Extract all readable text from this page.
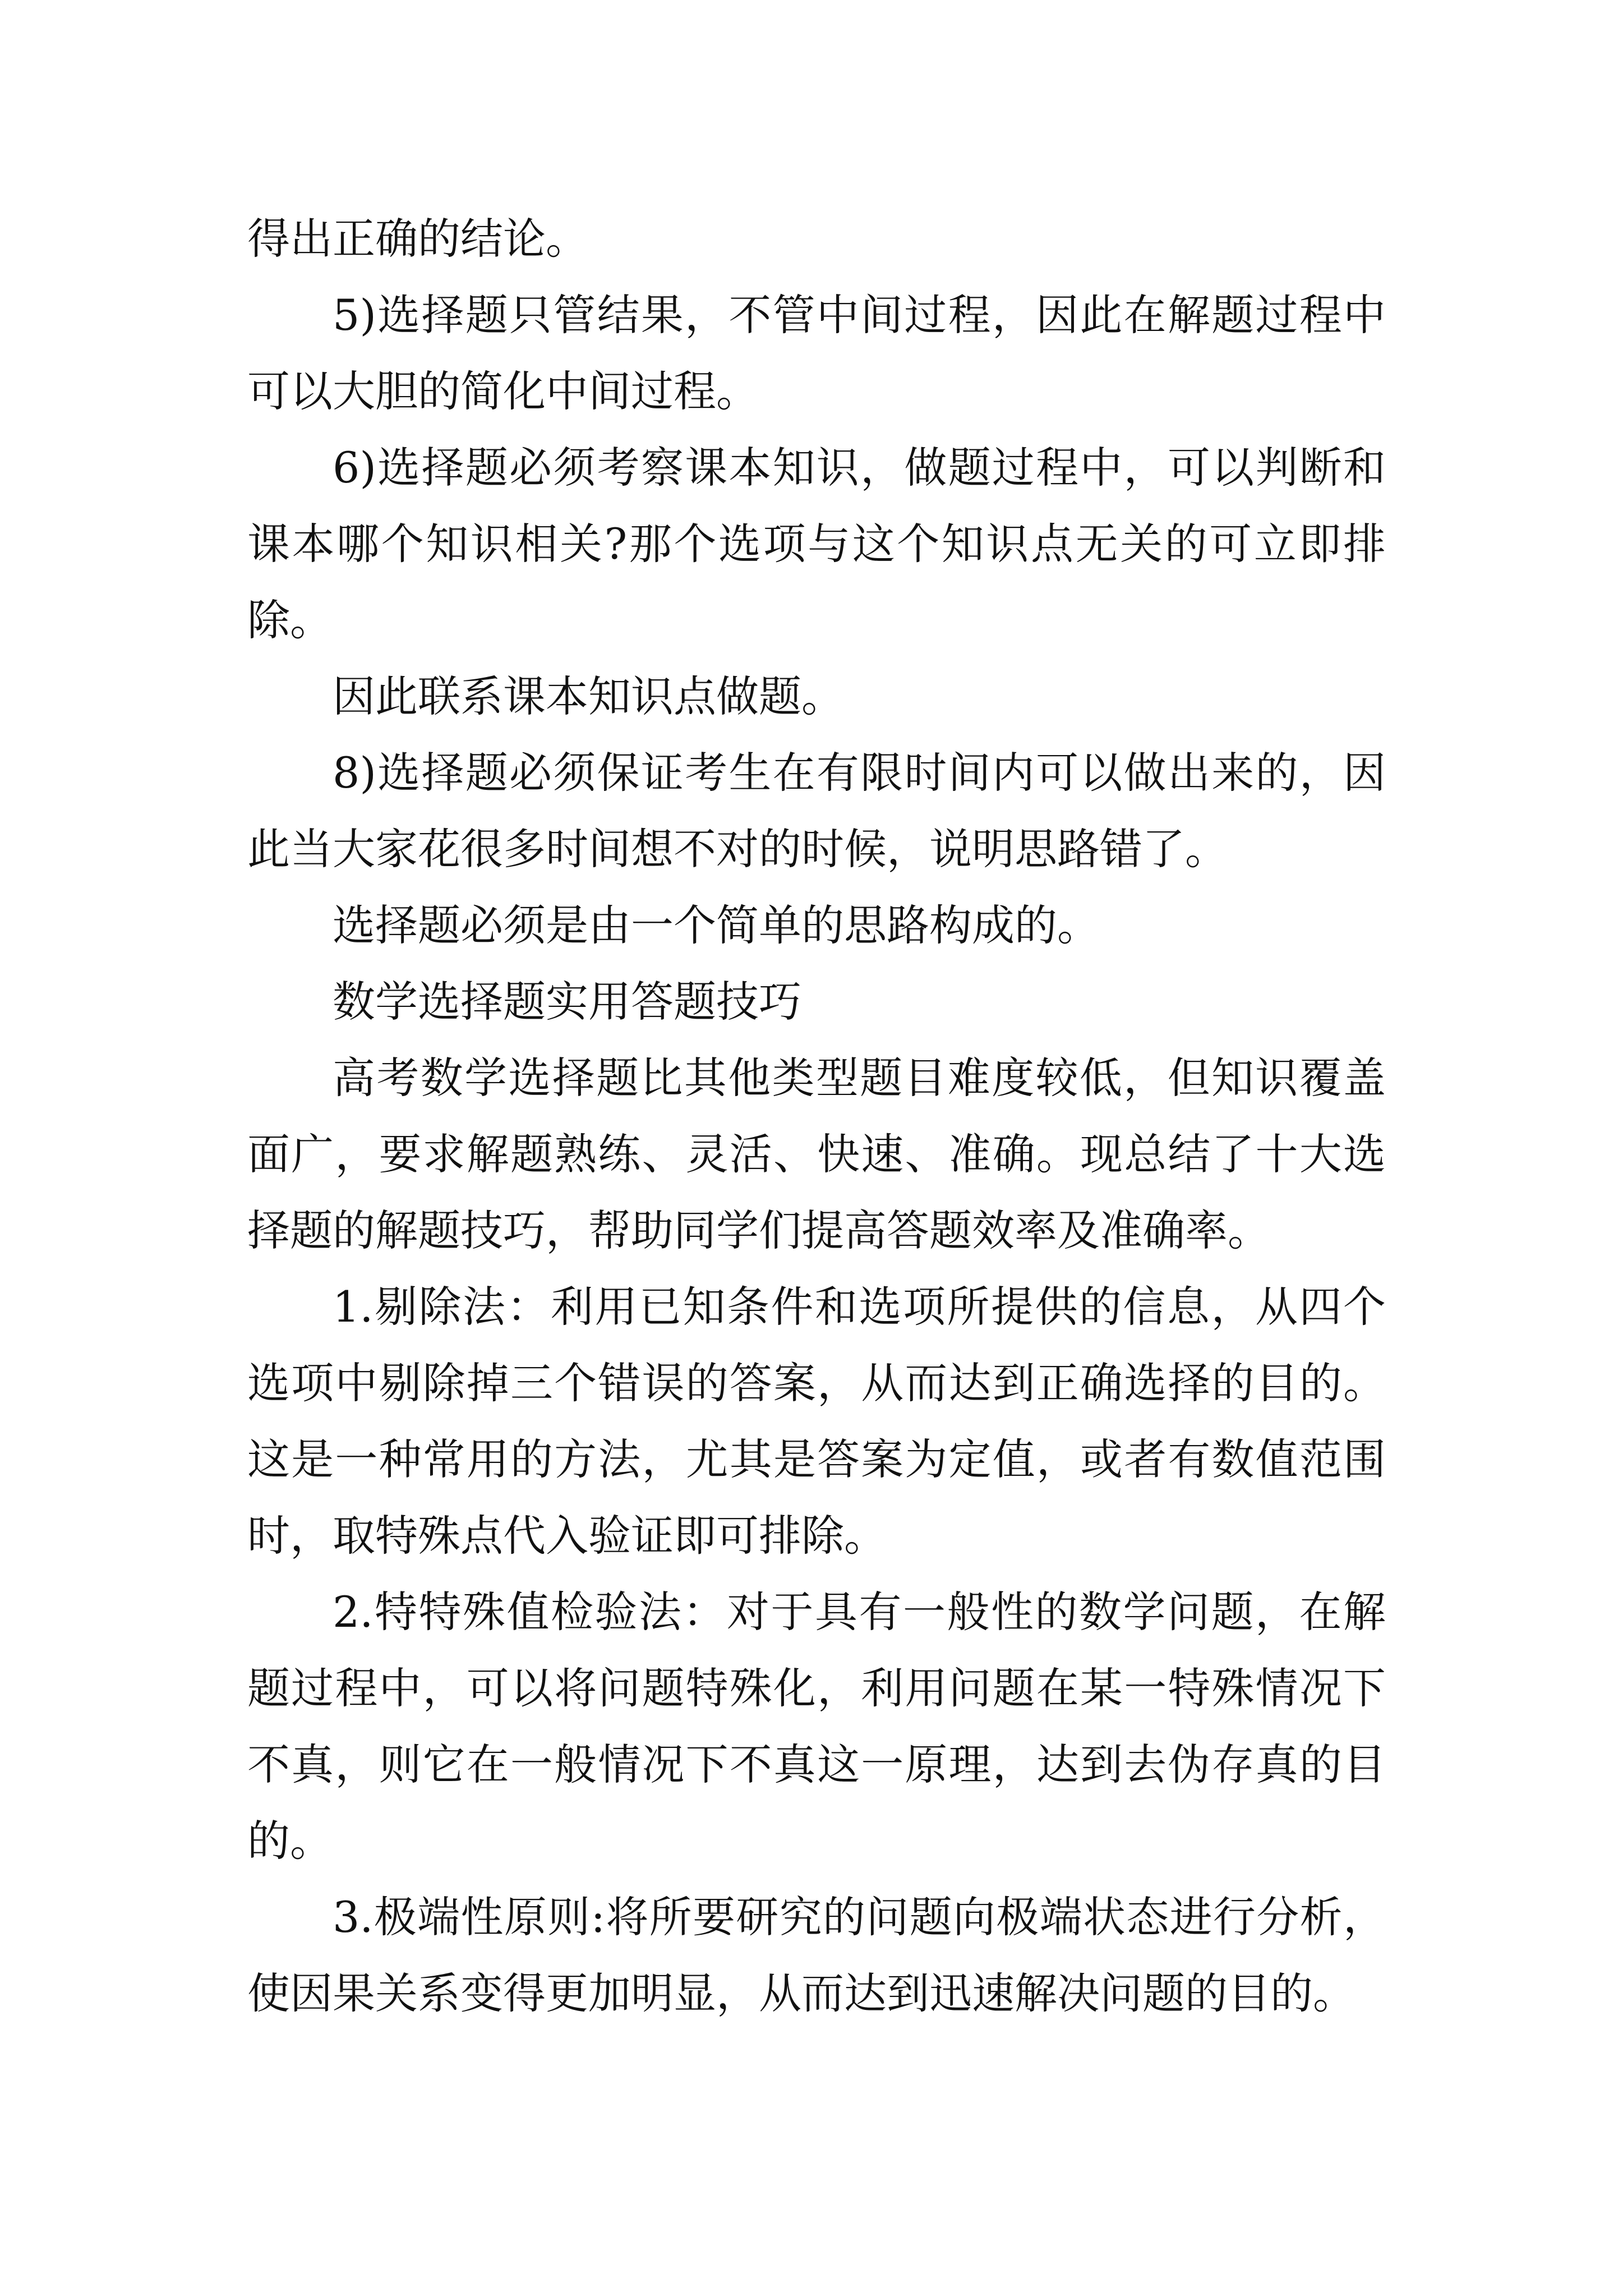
得出正确的结论。

5)选择题只管结果，不管中间过程，因此在解题过程中可以大胆的简化中间过程。

6)选择题必须考察课本知识，做题过程中，可以判断和课本哪个知识相关?那个选项与这个知识点无关的可立即排除。

因此联系课本知识点做题。

8)选择题必须保证考生在有限时间内可以做出来的，因此当大家花很多时间想不对的时候，说明思路错了。

选择题必须是由一个简单的思路构成的。

数学选择题实用答题技巧

高考数学选择题比其他类型题目难度较低，但知识覆盖面广，要求解题熟练、灵活、快速、准确。现总结了十大选择题的解题技巧，帮助同学们提高答题效率及准确率。

1.剔除法：利用已知条件和选项所提供的信息，从四个选项中剔除掉三个错误的答案，从而达到正确选择的目的。这是一种常用的方法，尤其是答案为定值，或者有数值范围时，取特殊点代入验证即可排除。

2.特特殊值检验法：对于具有一般性的数学问题，在解题过程中，可以将问题特殊化，利用问题在某一特殊情况下不真，则它在一般情况下不真这一原理，达到去伪存真的目的。

3.极端性原则:将所要研究的问题向极端状态进行分析，使因果关系变得更加明显，从而达到迅速解决问题的目的。
